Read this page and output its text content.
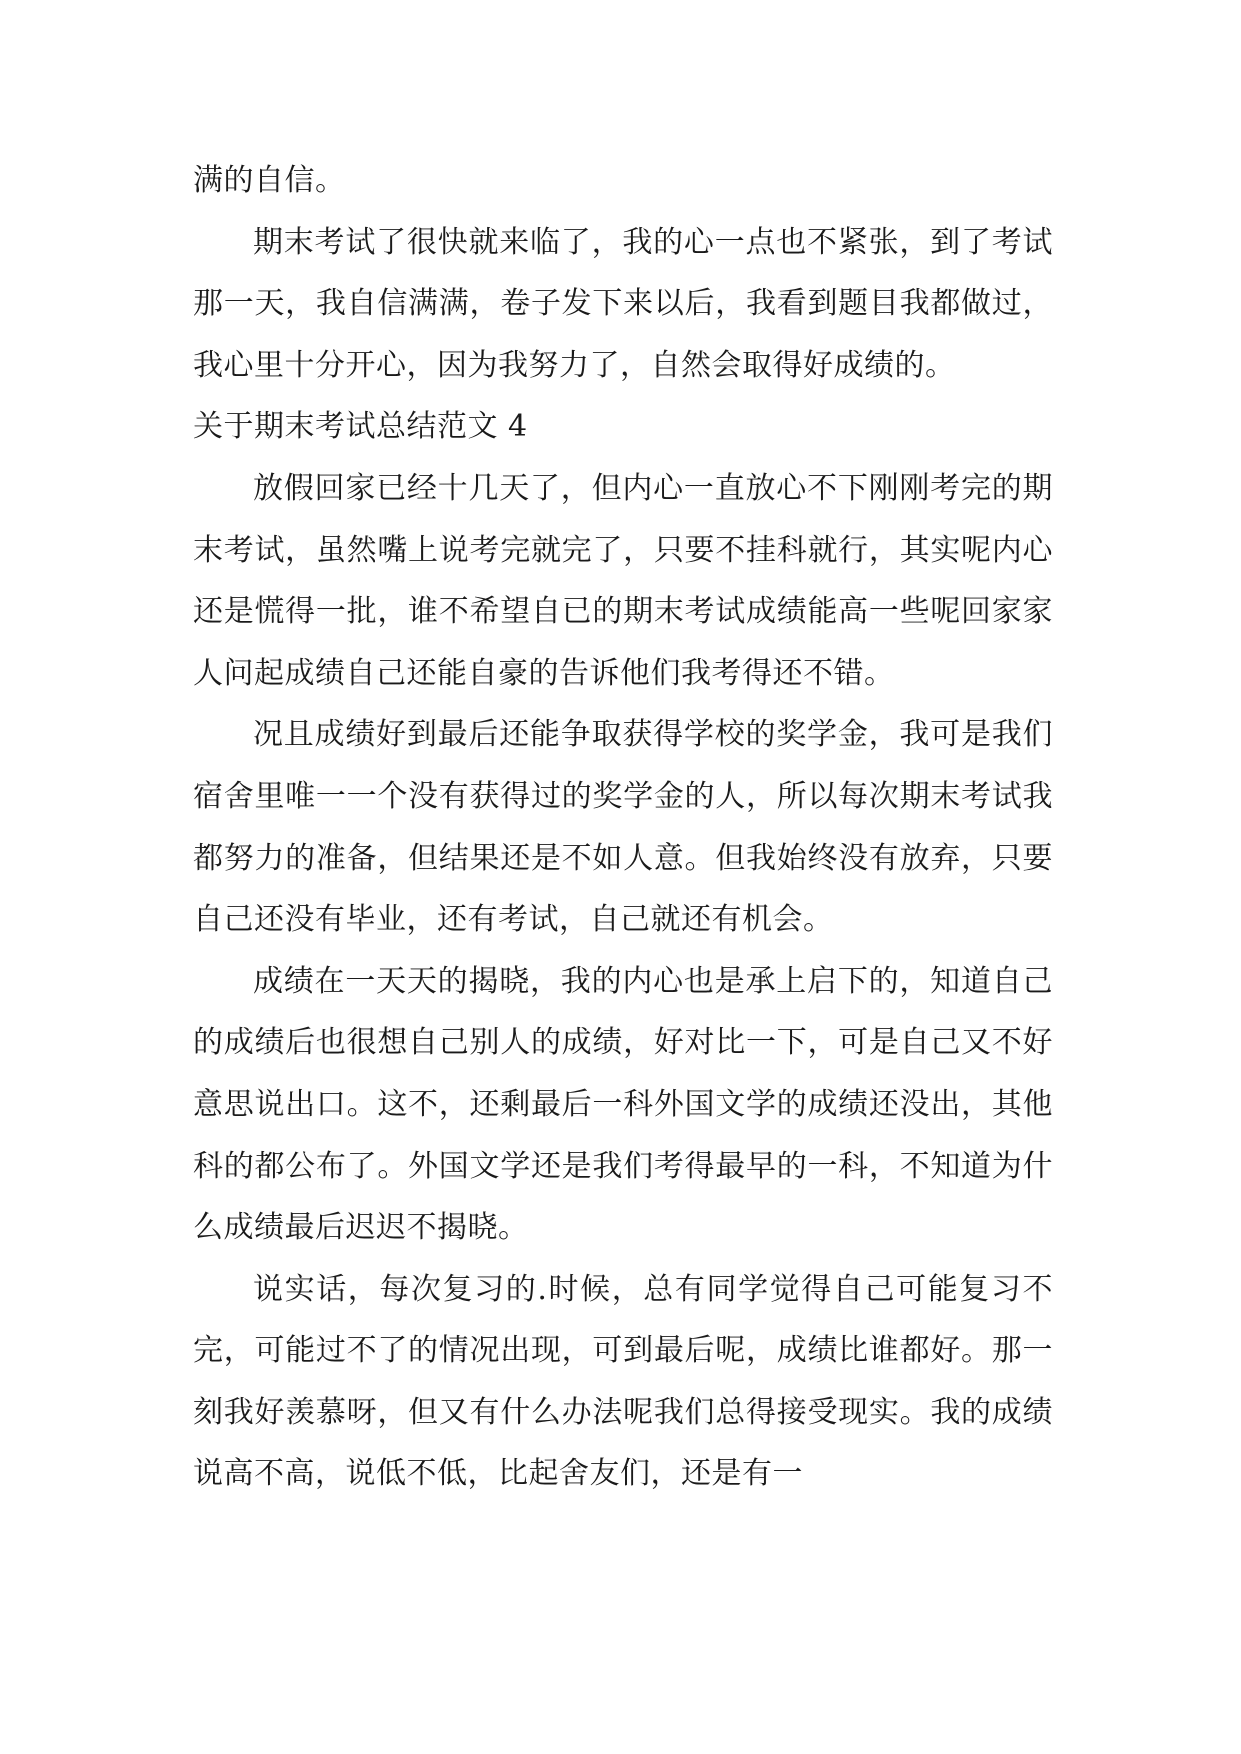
满的自信。

期末考试了很快就来临了，我的心一点也不紧张，到了考试那一天，我自信满满，卷子发下来以后，我看到题目我都做过，我心里十分开心，因为我努力了，自然会取得好成绩的。

关于期末考试总结范文 4

放假回家已经十几天了，但内心一直放心不下刚刚考完的期末考试，虽然嘴上说考完就完了，只要不挂科就行，其实呢内心还是慌得一批，谁不希望自已的期末考试成绩能高一些呢回家家人问起成绩自己还能自豪的告诉他们我考得还不错。

况且成绩好到最后还能争取获得学校的奖学金，我可是我们宿舍里唯一一个没有获得过的奖学金的人，所以每次期末考试我都努力的准备，但结果还是不如人意。但我始终没有放弃，只要自己还没有毕业，还有考试，自己就还有机会。

成绩在一天天的揭晓，我的内心也是承上启下的，知道自己的成绩后也很想自己别人的成绩，好对比一下，可是自己又不好意思说出口。这不，还剩最后一科外国文学的成绩还没出，其他科的都公布了。外国文学还是我们考得最早的一科，不知道为什么成绩最后迟迟不揭晓。

说实话，每次复习的.时候，总有同学觉得自己可能复习不完，可能过不了的情况出现，可到最后呢，成绩比谁都好。那一刻我好羡慕呀，但又有什么办法呢我们总得接受现实。我的成绩说高不高，说低不低，比起舍友们，还是有一
